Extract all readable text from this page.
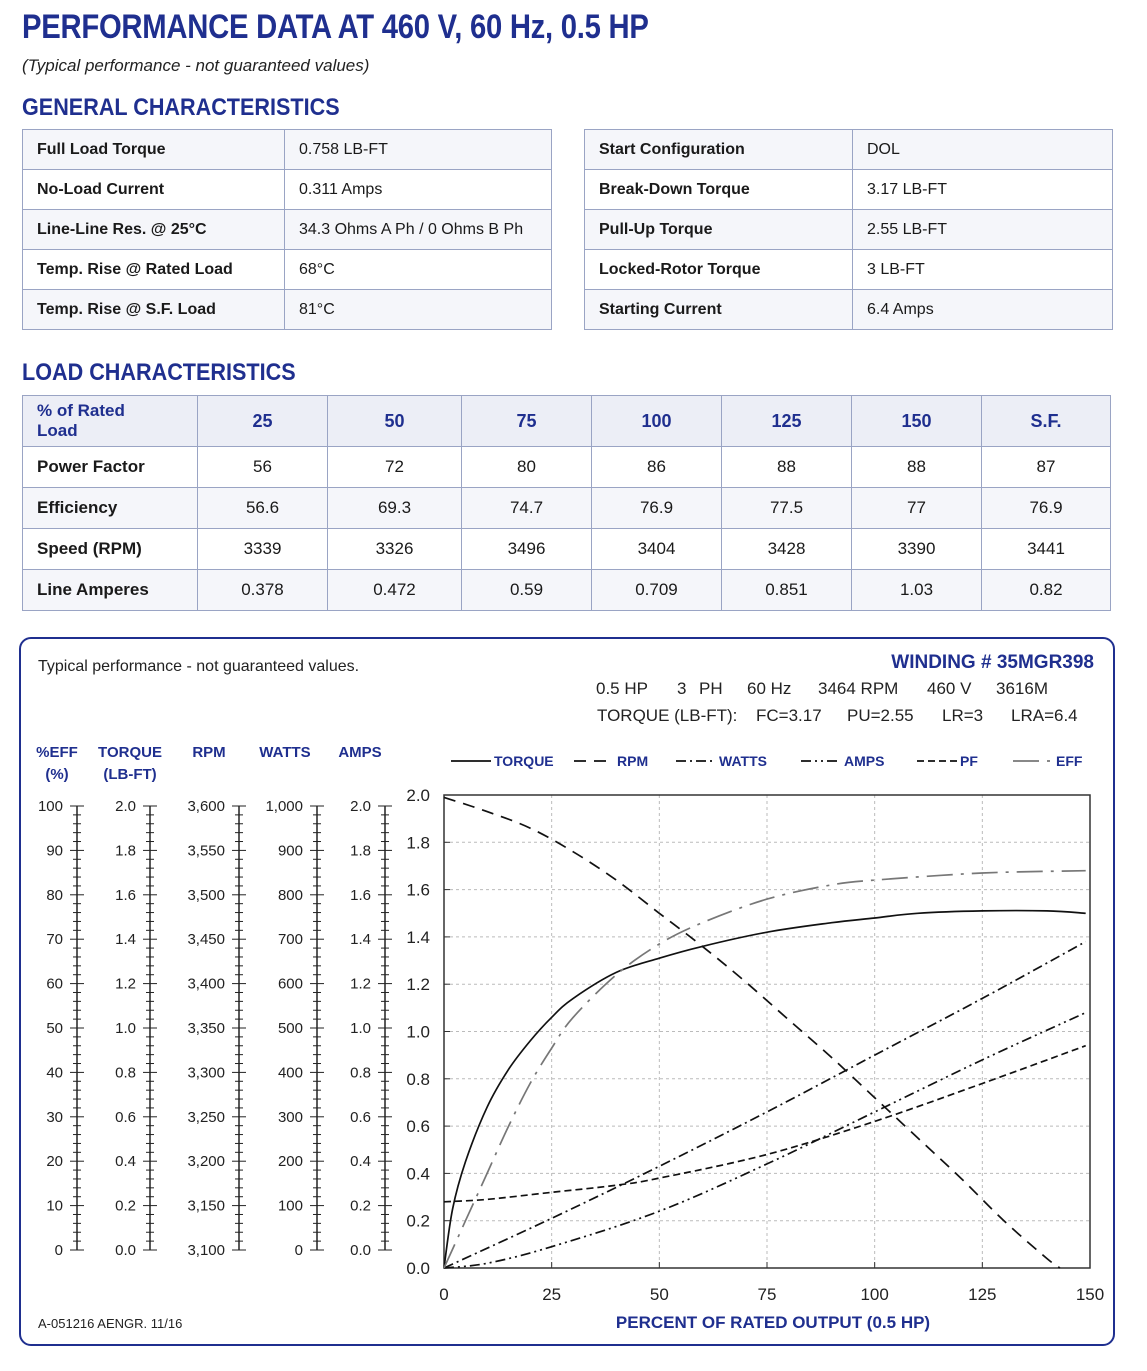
PERFORMANCE DATA AT 460 V, 60 Hz, 0.5 HP
(Typical performance - not guaranteed values)
GENERAL CHARACTERISTICS
Full Load Torque	0.758 LB-FT
No-Load Current	0.311 Amps
Line-Line Res. @ 25°C	34.3 Ohms A Ph / 0 Ohms B Ph
Temp. Rise @ Rated Load	68°C
Temp. Rise @ S.F. Load	81°C
Start Configuration	DOL
Break-Down Torque	3.17 LB-FT
Pull-Up Torque	2.55 LB-FT
Locked-Rotor Torque	3 LB-FT
Starting Current	6.4 Amps
LOAD CHARACTERISTICS
% of Rated
Load	25	50	75	100	125	150	S.F.
Power Factor	56	72	80	86	88	88	87
Efficiency	56.6	69.3	74.7	76.9	77.5	77	76.9
Speed (RPM)	3339	3326	3496	3404	3428	3390	3441
Line Amperes	0.378	0.472	0.59	0.709	0.851	1.03	0.82
Typical performance - not guaranteed values.	WINDING # 35MGR398
0.5 HP 3 PH 60 Hz 3464 RPM 460 V 3616M
TORQUE (LB-FT): FC=3.17 PU=2.55 LR=3 LRA=6.4
A-051216 AENGR. 11/16
%EFF
(%)
0
10
20
30
40
50
60
70
80
90
100
TORQUE
(LB-FT)
0.0
0.2
0.4
0.6
0.8
1.0
1.2
1.4
1.6
1.8
2.0
RPM
3,100
3,150
3,200
3,250
3,300
3,350
3,400
3,450
3,500
3,550
3,600
WATTS
0
100
200
300
400
500
600
700
800
900
1,000
AMPS
0.0
0.2
0.4
0.6
0.8
1.0
1.2
1.4
1.6
1.8
2.0
0.0
0.2
0.4
0.6
0.8
1.0
1.2
1.4
1.6
1.8
2.0
0	25	50	75	100	125	150
PERCENT OF RATED OUTPUT (0.5 HP)
TORQUE	RPM	WATTS	AMPS	PF	EFF
